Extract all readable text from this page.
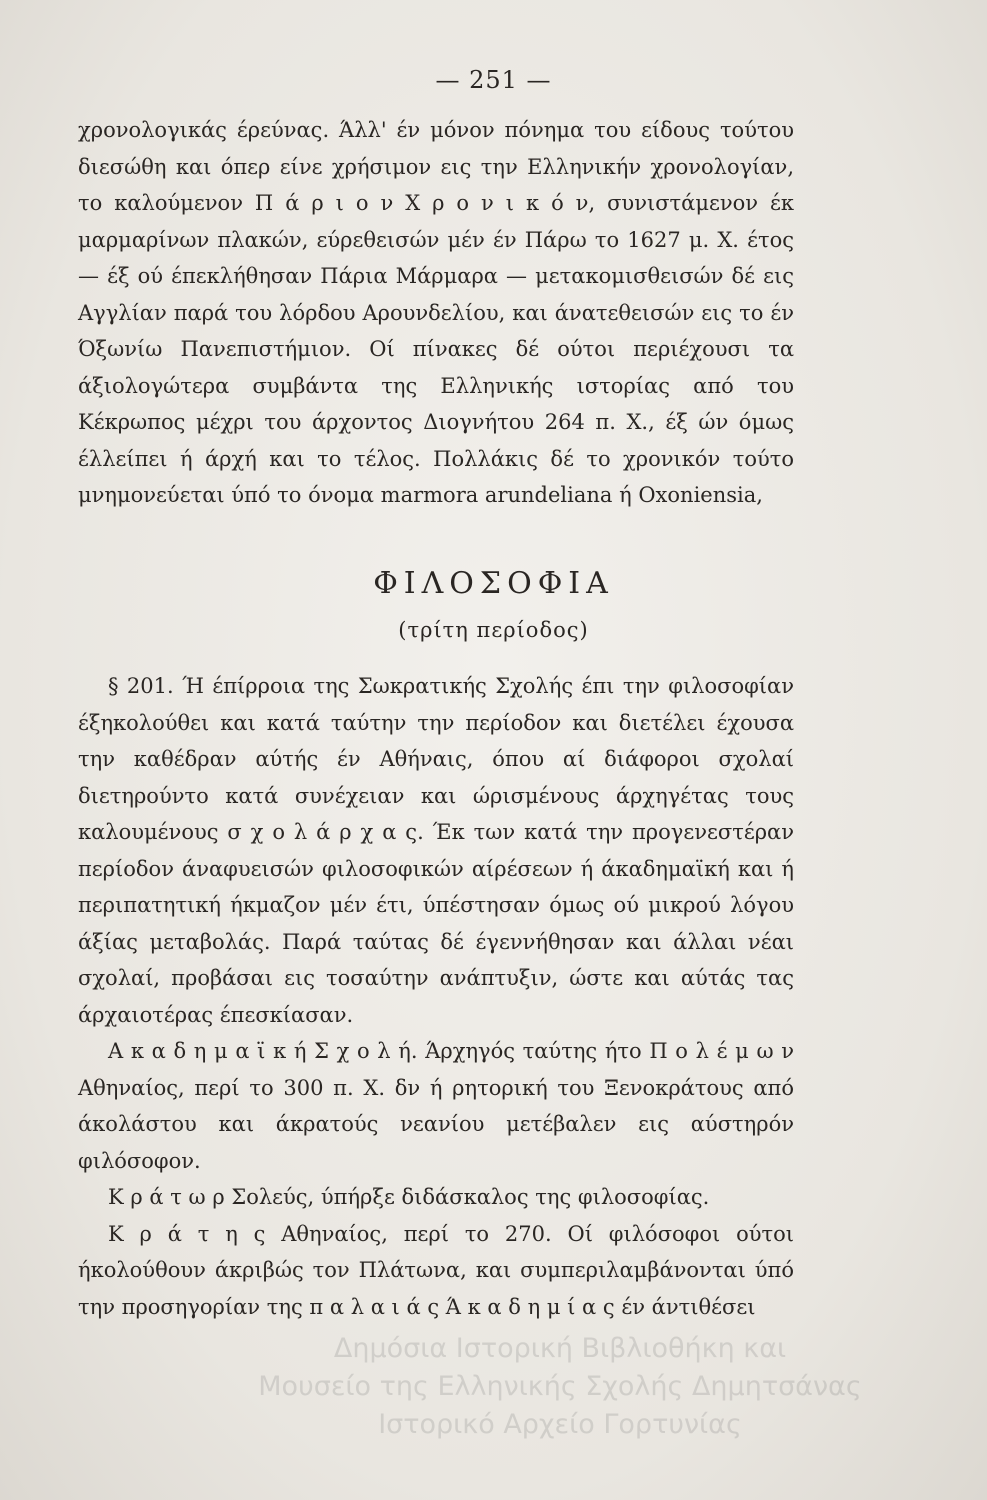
— 251 —

χρονολογικάς έρεύνας. Άλλ' έν μόνον πόνημα του είδους τούτου διεσώθη και όπερ είνε χρήσιμον εις την Ελληνικήν χρονολογίαν, το καλούμενον Π ά ρ ι ο ν Χ ρ ο ν ι κ ό ν, συνιστάμενον έκ μαρμαρίνων πλακών, εύρεθεισών μέν έν Πάρω το 1627 μ. Χ. έτος — έξ ού έπεκλήθησαν Πάρια Μάρμαρα — μετακομισθεισών δέ εις Αγγλίαν παρά του λόρδου Αρουνδελίου, και άνατεθεισών εις το έν Όξωνίω Πανεπιστήμιον. Οί πίνακες δέ ούτοι περιέχουσι τα άξιολογώτερα συμβάντα της Ελληνικής ιστορίας από του Κέκρωπος μέχρι του άρχοντος Διογνήτου 264 π. Χ., έξ ών όμως έλλείπει ή άρχή και το τέλος. Πολλάκις δέ το χρονικόν τούτο μνημονεύεται ύπό το όνομα marmora arundeliana ή Oxoniensia,

ΦΙΛΟΣΟΦΙΑ
(τρίτη περίοδος)

§ 201. Ή έπίρροια της Σωκρατικής Σχολής έπι την φιλοσοφίαν έξηκολούθει και κατά ταύτην την περίοδον και διετέλει έχουσα την καθέδραν αύτής έν Αθήναις, όπου αί διάφοροι σχολαί διετηρούντο κατά συνέχειαν και ώρισμένους άρχηγέτας τους καλουμένους σ χ ο λ ά ρ χ α ς. Έκ των κατά την προγενεστέραν περίοδον άναφυεισών φιλοσοφικών αίρέσεων ή άκαδημαϊκή και ή περιπατητική ήκμαζον μέν έτι, ύπέστησαν όμως ού μικρού λόγου άξίας μεταβολάς. Παρά ταύτας δέ έγεννήθησαν και άλλαι νέαι σχολαί, προβάσαι εις τοσαύτην ανάπτυξιν, ώστε και αύτάς τας άρχαιοτέρας έπεσκίασαν.

Α κ α δ η μ α ϊ κ ή Σ χ ο λ ή. Άρχηγός ταύτης ήτο Π ο λ έ μ ω ν Αθηναίος, περί το 300 π. Χ. δν ή ρητορική του Ξενοκράτους από άκολάστου και άκρατούς νεανίου μετέβαλεν εις αύστηρόν φιλόσοφον.

Κ ρ ά τ ω ρ Σολεύς, ύπήρξε διδάσκαλος της φιλοσοφίας.

Κ ρ ά τ η ς Αθηναίος, περί το 270. Οί φιλόσοφοι ούτοι ήκολούθουν άκριβώς τον Πλάτωνα, και συμπεριλαμβάνονται ύπό την προσηγορίαν της π α λ α ι ά ς Ά κ α δ η μ ί α ς έν άντιθέσει

Δημόσια Ιστορική Βιβλιοθήκη και
Μουσείο της Ελληνικής Σχολής Δημητσάνας
Ιστορικό Αρχείο Γορτυνίας
